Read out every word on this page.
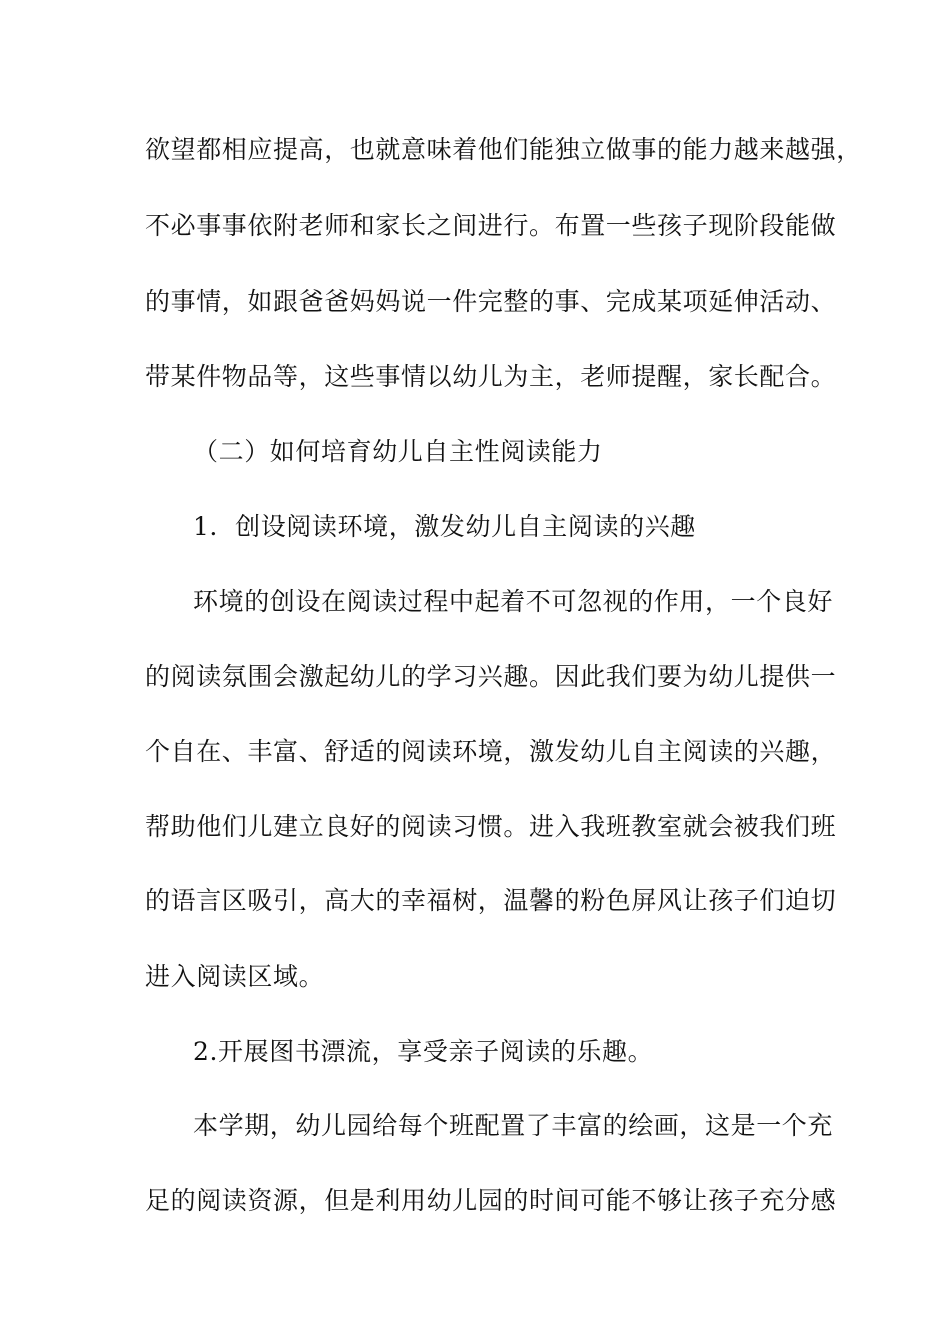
欲望都相应提高，也就意味着他们能独立做事的能力越来越强，
不必事事依附老师和家长之间进行。布置一些孩子现阶段能做
的事情，如跟爸爸妈妈说一件完整的事、完成某项延伸活动、
带某件物品等，这些事情以幼儿为主，老师提醒，家长配合。
（二）如何培育幼儿自主性阅读能力
1．创设阅读环境，激发幼儿自主阅读的兴趣
环境的创设在阅读过程中起着不可忽视的作用，一个良好
的阅读氛围会激起幼儿的学习兴趣。因此我们要为幼儿提供一
个自在、丰富、舒适的阅读环境，激发幼儿自主阅读的兴趣，
帮助他们儿建立良好的阅读习惯。进入我班教室就会被我们班
的语言区吸引，高大的幸福树，温馨的粉色屏风让孩子们迫切
进入阅读区域。
2.开展图书漂流，享受亲子阅读的乐趣。
本学期，幼儿园给每个班配置了丰富的绘画，这是一个充
足的阅读资源，但是利用幼儿园的时间可能不够让孩子充分感
